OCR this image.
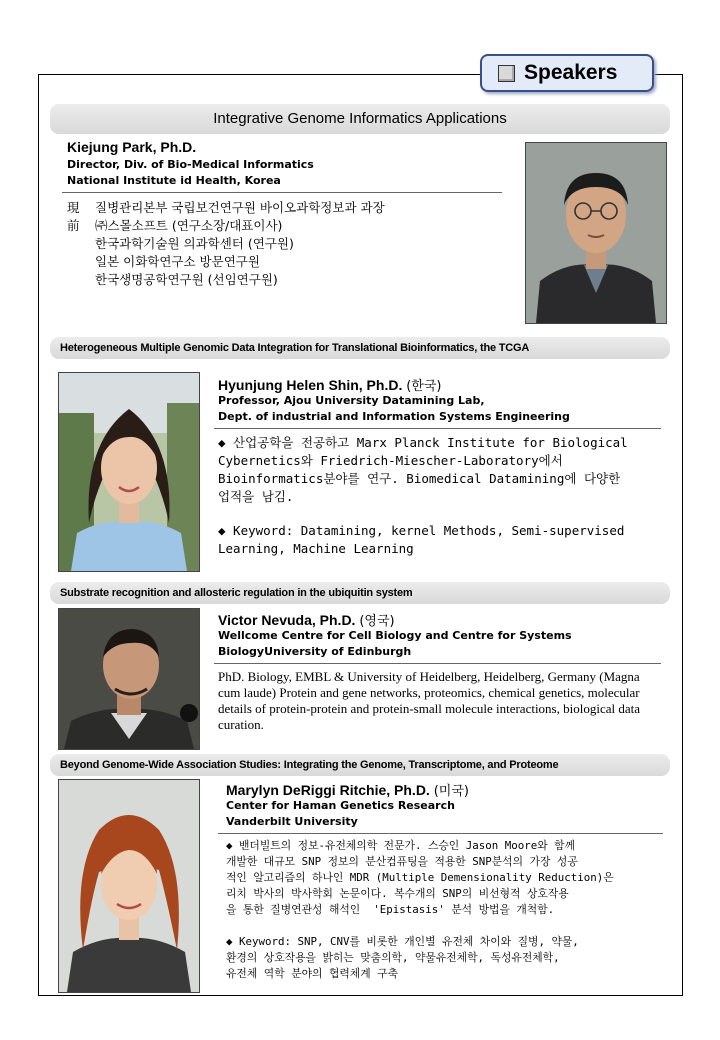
Speakers
Integrative Genome Informatics Applications
Kiejung Park, Ph.D.
Director, Div. of Bio-Medical Informatics
National Institute id Health, Korea
現	질병관리본부 국립보건연구원 바이오과학정보과 과장
前	㈜스몰소프트 (연구소장/대표이사)
한국과학기술원 의과학센터 (연구원)
일본 이화학연구소 방문연구원
한국생명공학연구원 (선임연구원)
Heterogeneous Multiple Genomic Data Integration for Translational Bioinformatics, the TCGA
Hyunjung Helen Shin, Ph.D. (한국)
Professor, Ajou University Datamining Lab,
Dept. of industrial and Information Systems Engineering
◆ 산업공학을 전공하고 Marx Planck Institute for Biological
Cybernetics와 Friedrich-Miescher-Laboratory에서
Bioinformatics분야를 연구. Biomedical Datamining에 다양한
업적을 남김.
◆ Keyword: Datamining, kernel Methods, Semi-supervised
Learning, Machine Learning
Substrate recognition and allosteric regulation in the ubiquitin system
Victor Nevuda, Ph.D. (영국)
Wellcome Centre for Cell Biology and Centre for Systems
BiologyUniversity of Edinburgh
PhD. Biology, EMBL & University of Heidelberg, Heidelberg, Germany (Magna cum laude) Protein and gene networks, proteomics, chemical genetics, molecular details of protein-protein and protein-small molecule interactions, biological data curation.
Beyond Genome-Wide Association Studies: Integrating the Genome, Transcriptome, and Proteome
Marylyn DeRiggi Ritchie, Ph.D. (미국)
Center for Haman Genetics Research
Vanderbilt University
◆ 밴더빌트의 정보-유전체의학 전문가. 스승인 Jason Moore와 함께
개발한 대규모 SNP 정보의 분산컴퓨팅을 적용한 SNP분석의 가장 성공
적인 알고리즘의 하나인 MDR (Multiple Demensionality Reduction)은
리치 박사의 박사학회 논문이다. 복수개의 SNP의 비선형적 상호작용
을 통한 질병연관성 해석인  'Epistasis' 분석 방법을 개척함.
◆ Keyword: SNP, CNV를 비롯한 개인별 유전체 차이와 질병, 약물,
환경의 상호작용을 밝히는 맞춤의학, 약물유전체학, 독성유전체학,
유전체 역학 분야의 협력체계 구축
